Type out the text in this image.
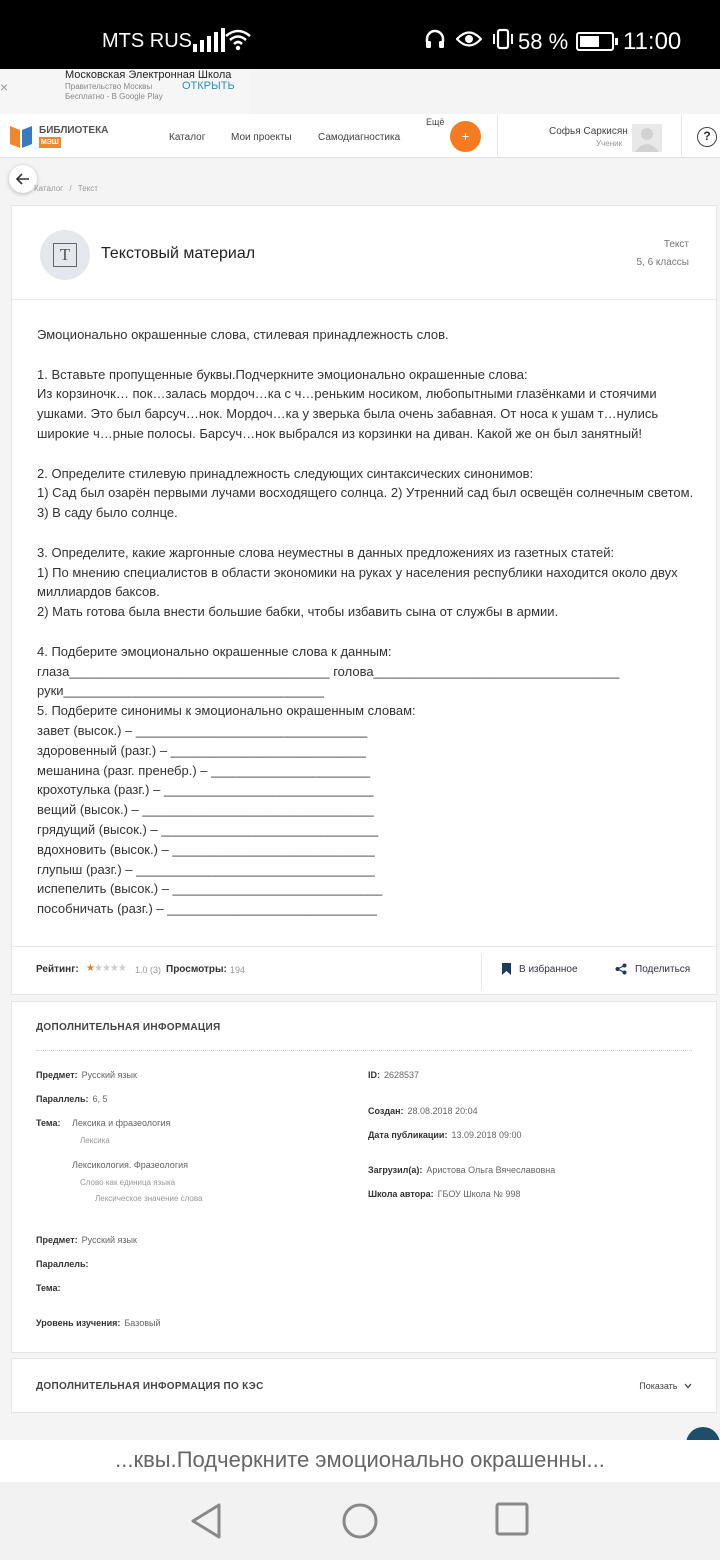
MTS RUS	58 % 11:00
×
Московская Электронная Школа
Правительство Москвы
Бесплатно - В Google Play
ОТКРЫТЬ
БИБЛИОТЕКА
МЭШ	Каталог	Мои проекты	Самодиагностика
Ещё
+	Софья Саркисян
Ученик
?
Каталог / Текст
T	Текстовый материал
Текст
5, 6 классы
Эмоционально окрашенные слова, стилевая принадлежность слов.

1. Вставьте пропущенные буквы.Подчеркните эмоционально окрашенные слова:
Из корзиночк… пок…залась мордоч…ка с ч…реньким носиком, любопытными глазёнками и стоячими ушками. Это был барсуч…нок. Мордоч…ка у зверька была очень забавная. От носа к ушам т…нулись широкие ч…рные полосы. Барсуч…нок выбрался из корзинки на диван. Какой же он был занятный!

2. Определите стилевую принадлежность следующих синтаксических синонимов:
1) Сад был озарён первыми лучами восходящего солнца. 2) Утренний сад был освещён солнечным светом. 3) В саду было солнце.

3. Определите, какие жаргонные слова неуместны в данных предложениях из газетных статей:
1) По мнению специалистов в области экономики на руках у населения республики находится около двух миллиардов баксов.
2) Мать готова была внести большие бабки, чтобы избавить сына от службы в армии.

4. Подберите эмоционально окрашенные слова к данным:
глаза____________________________________ голова__________________________________
руки____________________________________
5. Подберите синонимы к эмоционально окрашенным словам:
завет (высок.) – ________________________________
здоровенный (разг.) – ___________________________
мешанина (разг. пренебр.) – ______________________
крохотулька (разг.) – _____________________________
вещий (высок.) – ________________________________
грядущий (высок.) – ______________________________
вдохновить (высок.) – ____________________________
глупыш (разг.) – _________________________________
испепелить (высок.) – _____________________________
пособничать (разг.) – _____________________________
Рейтинг: ★★★★★ 1.0 (3) Просмотры: 194	В избранное	Поделиться
ДОПОЛНИТЕЛЬНАЯ ИНФОРМАЦИЯ
Предмет: Русский язык
Параллель: 6, 5
Тема:	Лексика и фразеология
Лексика
Лексикология. Фразеология
Слово как единица языка
Лексическое значение слова
ID: 2628537
Создан: 28.08.2018 20:04
Дата публикации: 13.09.2018 09:00
Загрузил(а): Аристова Ольга Вячеславовна
Школа автора: ГБОУ Школа № 998
Предмет: Русский язык
Параллель:
Тема:
Уровень изучения: Базовый
ДОПОЛНИТЕЛЬНАЯ ИНФОРМАЦИЯ ПО КЭС	Показать
...квы.Подчеркните эмоционально окрашенны...
